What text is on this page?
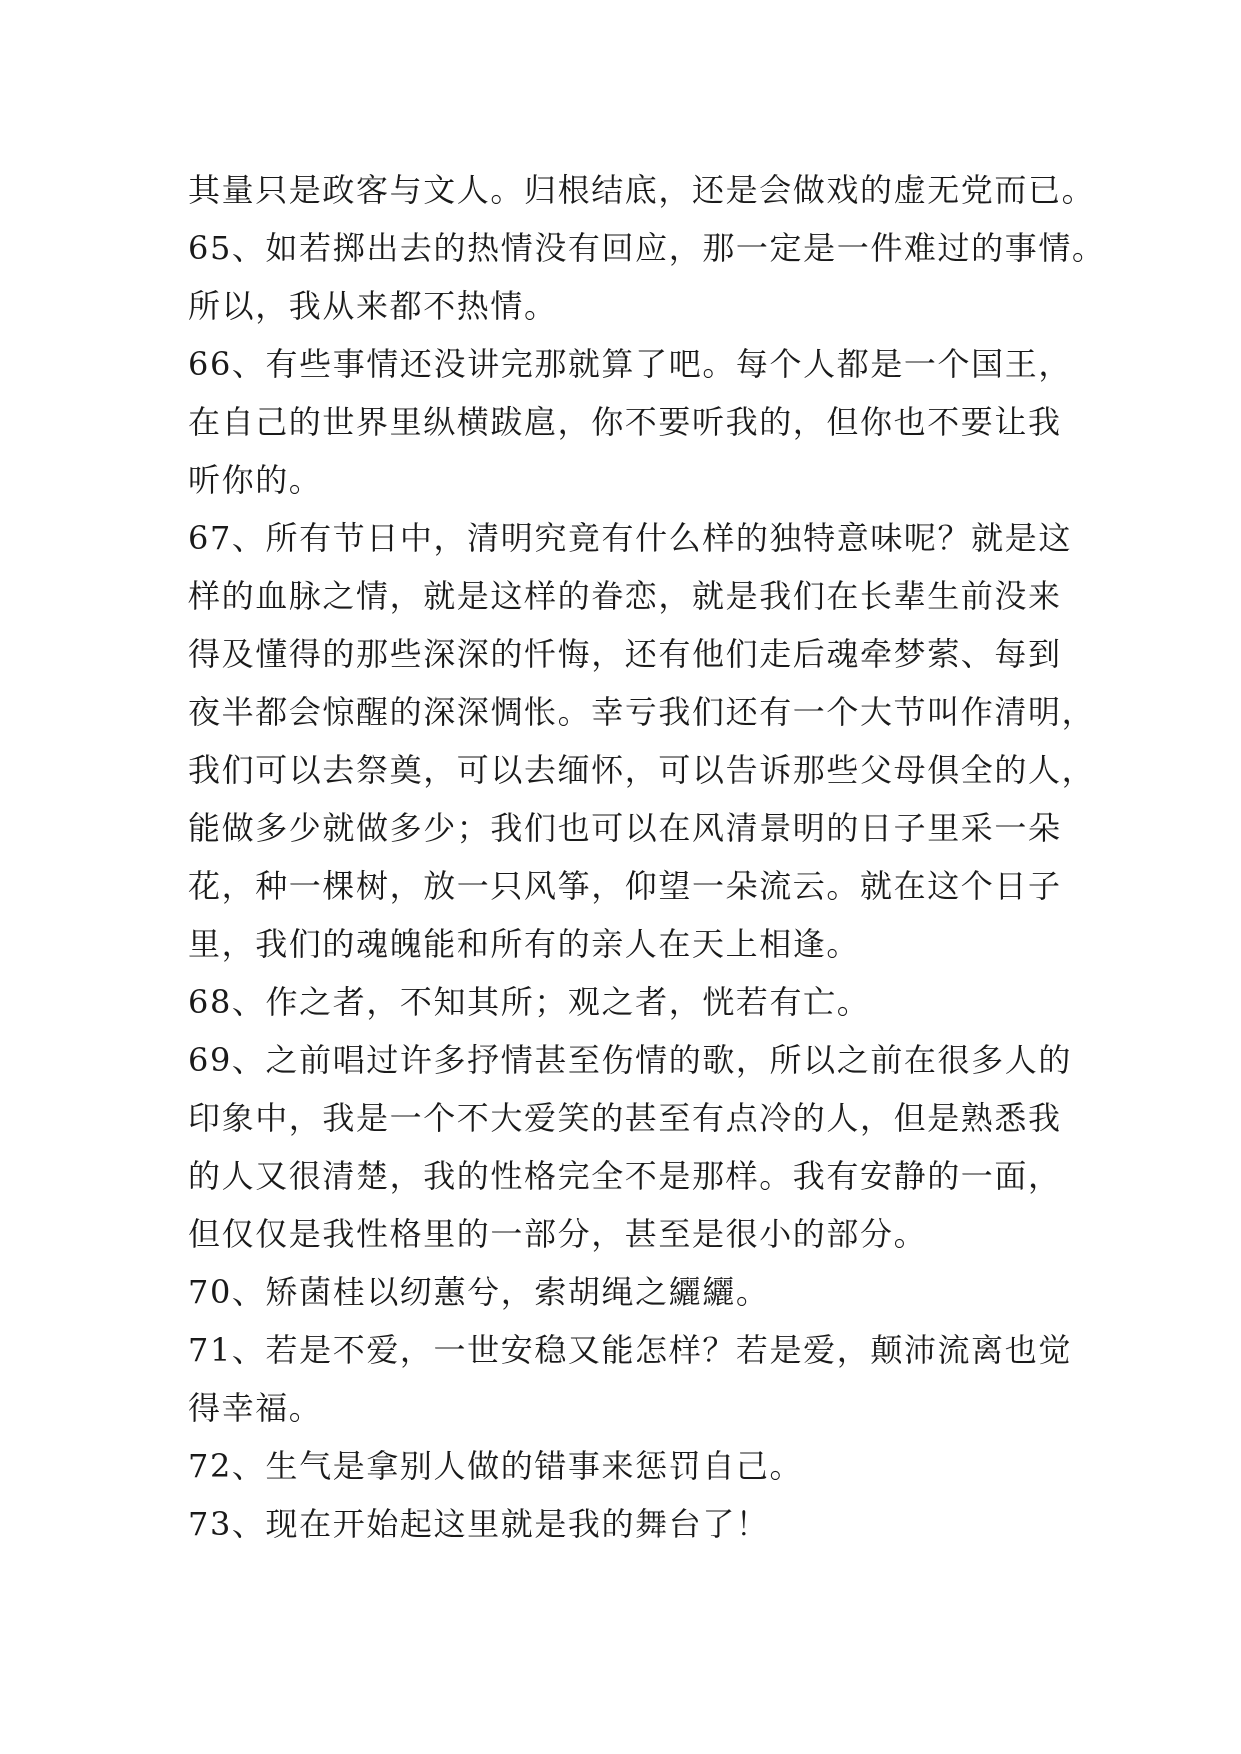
其量只是政客与文人。归根结底，还是会做戏的虚无党而已。
65、如若掷出去的热情没有回应，那一定是一件难过的事情。
所以，我从来都不热情。
66、有些事情还没讲完那就算了吧。每个人都是一个国王，
在自己的世界里纵横跋扈，你不要听我的，但你也不要让我
听你的。
67、所有节日中，清明究竟有什么样的独特意味呢？就是这
样的血脉之情，就是这样的眷恋，就是我们在长辈生前没来
得及懂得的那些深深的忏悔，还有他们走后魂牵梦萦、每到
夜半都会惊醒的深深惆怅。幸亏我们还有一个大节叫作清明，
我们可以去祭奠，可以去缅怀，可以告诉那些父母俱全的人，
能做多少就做多少；我们也可以在风清景明的日子里采一朵
花，种一棵树，放一只风筝，仰望一朵流云。就在这个日子
里，我们的魂魄能和所有的亲人在天上相逢。
68、作之者，不知其所；观之者，恍若有亡。
69、之前唱过许多抒情甚至伤情的歌，所以之前在很多人的
印象中，我是一个不大爱笑的甚至有点冷的人，但是熟悉我
的人又很清楚，我的性格完全不是那样。我有安静的一面，
但仅仅是我性格里的一部分，甚至是很小的部分。
70、矫菌桂以纫蕙兮，索胡绳之纚纚。
71、若是不爱，一世安稳又能怎样？若是爱，颠沛流离也觉
得幸福。
72、生气是拿别人做的错事来惩罚自己。
73、现在开始起这里就是我的舞台了！
